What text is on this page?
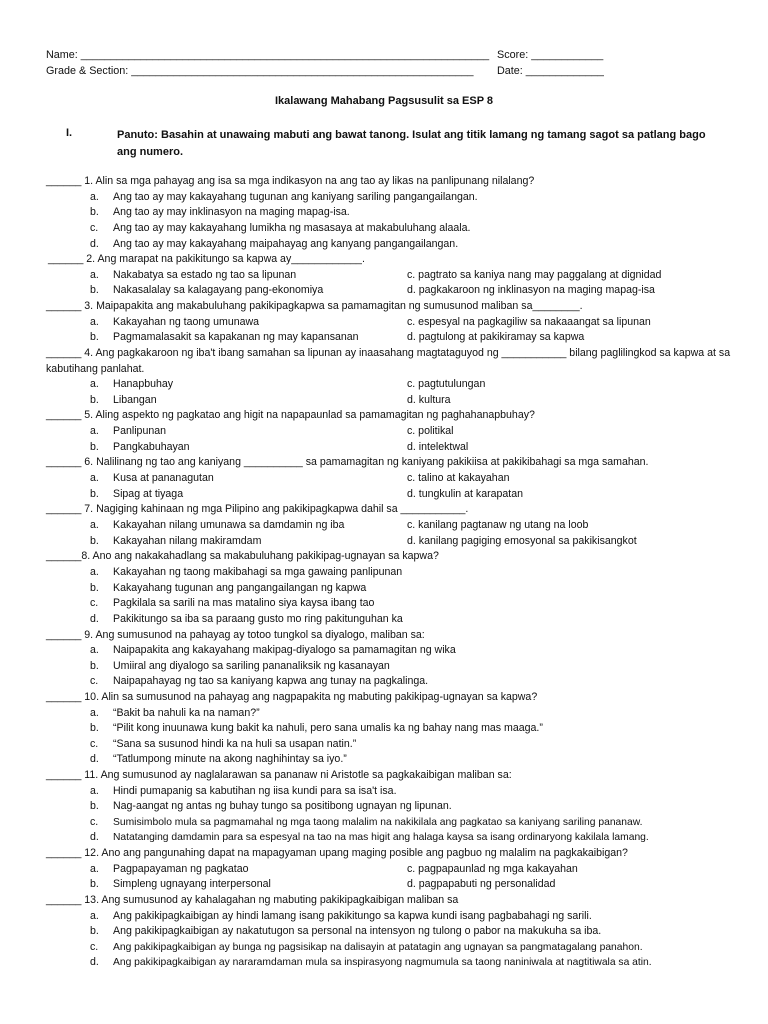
Name: ____________________________________________________________________ Score: ____________
Grade & Section: _________________________________________________________ Date: _____________
Ikalawang Mahabang Pagsusulit sa ESP 8
I.	Panuto: Basahin at unawaing mabuti ang bawat tanong. Isulat ang titik lamang ng tamang sagot sa patlang bago ang numero.
______ 1. Alin sa mga pahayag ang isa sa mga indikasyon na ang tao ay likas na panlipunang nilalang?
a. Ang tao ay may kakayahang tugunan ang kaniyang sariling pangangailangan.
b. Ang tao ay may inklinasyon na maging mapag-isa.
c. Ang tao ay may kakayahang lumikha ng masasaya at makabuluhang alaala.
d. Ang tao ay may kakayahang maipahayag ang kanyang pangangailangan.
______ 2. Ang marapat na pakikitungo sa kapwa ay____________.
a. Nakabatya sa estado ng tao sa lipunan	c. pagtrato sa kaniya nang may paggalang at dignidad
b. Nakasalalay sa kalagayang pang-ekonomiya	d. pagkakaroon ng inklinasyon na maging mapag-isa
______ 3. Maipapakita ang makabuluhang pakikipagkapwa sa pamamagitan ng sumusunod maliban sa________.
a. Kakayahan ng taong umunawa	c. espesyal na pagkagiliw sa nakaaangat sa lipunan
b. Pagmamalasakit sa kapakanan ng may kapansanan	d. pagtulong at pakikiramay sa kapwa
______ 4. Ang pagkakaroon ng iba't ibang samahan sa lipunan ay inaasahang magtataguyod ng ___________ bilang paglilingkod sa kapwa at sa kabutihang panlahat.
a. Hanapbuhay	c. pagtutulungan
b. Libangan	d. kultura
______ 5. Aling aspekto ng pagkatao ang higit na napapaunlad sa pamamagitan ng paghahanapbuhay?
a. Panlipunan	c. politikal
b. Pangkabuhayan	d. intelektwal
______ 6. Nalilinang ng tao ang kaniyang __________ sa pamamagitan ng kaniyang pakikiisa at pakikibahagi sa mga samahan.
a. Kusa at pananagutan	c. talino at kakayahan
b. Sipag at tiyaga	d. tungkulin at karapatan
______ 7. Nagiging kahinaan ng mga Pilipino ang pakikipagkapwa dahil sa ___________.
a. Kakayahan nilang umunawa sa damdamin ng iba	c. kanilang pagtanaw ng utang na loob
b. Kakayahan nilang makiramdam	d. kanilang pagiging emosyonal sa pakikisangkot
______8. Ano ang nakakahadlang sa makabuluhang pakikipag-ugnayan sa kapwa?
a. Kakayahan ng taong makibahagi sa mga gawaing panlipunan
b. Kakayahang tugunan ang pangangailangan ng kapwa
c. Pagkilala sa sarili na mas matalino siya kaysa ibang tao
d. Pakikitungo sa iba sa paraang gusto mo ring pakitunguhan ka
______ 9. Ang sumusunod na pahayag ay totoo tungkol sa diyalogo, maliban sa:
a. Naipapakita ang kakayahang makipag-diyalogo sa pamamagitan ng wika
b. Umiiral ang diyalogo sa sariling pananaliksik ng kasanayan
c. Naipapahayag ng tao sa kaniyang kapwa ang tunay na pagkalinga.
______ 10. Alin sa sumusunod na pahayag ang nagpapakita ng mabuting pakikipag-ugnayan sa kapwa?
a. “Bakit ba nahuli ka na naman?”
b. “Pilit kong inuunawa kung bakit ka nahuli, pero sana umalis ka ng bahay nang mas maaga.”
c. “Sana sa susunod hindi ka na huli sa usapan natin.”
d. “Tatlumpong minute na akong naghihintay sa iyo.”
______ 11. Ang sumusunod ay naglalarawan sa pananaw ni Aristotle sa pagkakaibigan maliban sa:
a. Hindi pumapanig sa kabutihan ng iisa kundi para sa isa't isa.
b. Nag-aangat ng antas ng buhay tungo sa positibong ugnayan ng lipunan.
c. Sumisimbolo mula sa pagmamahal ng mga taong malalim na nakikilala ang pagkatao sa kaniyang sariling pananaw.
d. Natatanging damdamin para sa espesyal na tao na mas higit ang halaga kaysa sa isang ordinaryong kakilala lamang.
______ 12. Ano ang pangunahing dapat na mapagyaman upang maging posible ang pagbuo ng malalim na pagkakaibigan?
a. Pagpapayaman ng pagkatao	c. pagpapaunlad ng mga kakayahan
b. Simpleng ugnayang interpersonal	d. pagpapabuti ng personalidad
______ 13. Ang sumusunod ay kahalagahan ng mabuting pakikipagkaibigan maliban sa
a. Ang pakikipagkaibigan ay hindi lamang isang pakikitungo sa kapwa kundi isang pagbabahagi ng sarili.
b. Ang pakikipagkaibigan ay nakatutugon sa personal na intensyon ng tulong o pabor na makukuha sa iba.
c. Ang pakikipagkaibigan ay bunga ng pagsisikap na dalisayin at patatagin ang ugnayan sa pangmatagalang panahon.
d. Ang pakikipagkaibigan ay nararamdaman mula sa inspirasyong nagmumula sa taong naniniwala at nagtitiwala sa atin.
